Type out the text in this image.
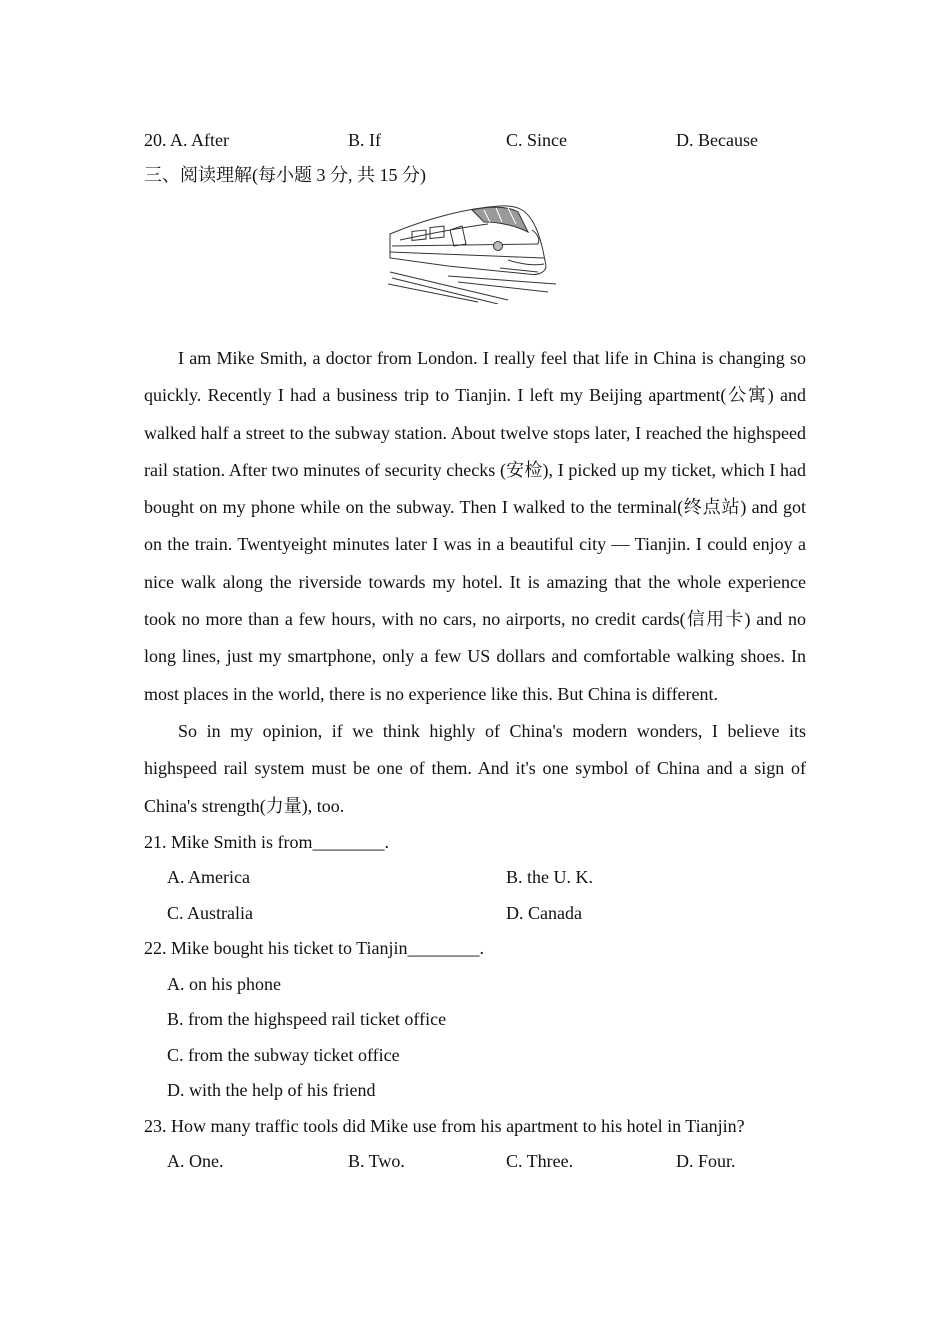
20. A. After	B. If	C. Since	D. Because
三、阅读理解(每小题 3 分, 共 15 分)

I am Mike Smith, a doctor from London. I really feel that life in China is changing so quickly. Recently I had a business trip to Tianjin. I left my Beijing apartment(公寓) and walked half a street to the subway station. About twelve stops later, I reached the highspeed rail station. After two minutes of security checks (安检), I picked up my ticket, which I had bought on my phone while on the subway. Then I walked to the terminal(终点站) and got on the train. Twentyeight minutes later I was in a beautiful city — Tianjin. I could enjoy a nice walk along the riverside towards my hotel. It is amazing that the whole experience took no more than a few hours, with no cars, no airports, no credit cards(信用卡) and no long lines, just my smartphone, only a few US dollars and comfortable walking shoes. In most places in the world, there is no experience like this. But China is different.

So in my opinion, if we think highly of China's modern wonders, I believe its highspeed rail system must be one of them. And it's one symbol of China and a sign of China's strength(力量), too.

21. Mike Smith is from________.
A. America	B. the U. K.
C. Australia	D. Canada
22. Mike bought his ticket to Tianjin________.
A. on his phone
B. from the highspeed rail ticket office
C. from the subway ticket office
D. with the help of his friend
23. How many traffic tools did Mike use from his apartment to his hotel in Tianjin?
A. One.	B. Two.	C. Three.	D. Four.
